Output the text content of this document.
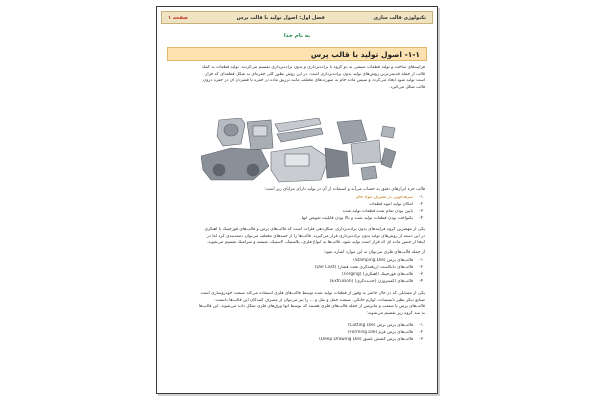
تکنولوژی قالب سازی
فصل اول: اصول تولید با قالب پرس
صفحه ۱
به نام خدا
۱-۱- اصول تولید با قالب پرس
فرایندهای ساخت و تولید قطعات صنعتی به دو گروه با براده‌برداری و بدون براده‌برداری تقسیم می‌گردند. تولید قطعات به کمک
قالب از جمله قدیمی‌ترین روش‌های تولید بدون براده‌برداری است. در این روش بطور کلی حفره‌ای به شکل قطعه‌ای که قرار
است تولید شود ایجاد می‌گردد و سپس ماده خام به صورت‌های مختلف مانند تزریق ماده در حفره یا فشردن آن در حفره درون
قالب شکل می‌گیرد.
قالب جزء ابزارهای دقیق به حساب می‌آید و استفاده از آن در تولید دارای مزایای زیر است:
۱-صرفه‌جویی در مصرف مواد خام
۲-امکان تولید انبوه قطعات
۳-پایین بودن تمام شده قطعات تولید شده
۴-یکنواخت بودن قطعات تولید شده و بالا بودن قابلیت تعویض آنها
یکی از مهمترین گروه فرایندهای بدون براده‌برداری، شکل‌دهی فلزات است که قالب‌های پرس و قالب‌های فورجینگ یا آهنگری
در این دسته از روش‌های تولید بدون براده‌برداری قرار می‌گیرند. قالب‌ها را از جنبه‌های مختلف می‌توان دسته‌بندی کرد اما در
اینجا از جنس ماده ای که قرار است تولید شود، قالب‌ها به انواع فلزی، پلاستیک، لاستیک، شیشه و سرامیک تقسیم می‌شوند.
از جمله قالب‌های فلزی می‌توان به این موارد اشاره نمود:
۱-قالب‌های پرس (Stamping Die)
۲-قالب‌های دایکاست (ریخته‌گری تحت فشار) (Die Cast)
۳-قالب‌های فورجینگ (آهنگری) (Forging)
۴-قالب‌های اکستروژن (حدیده‌گری) (Extrusion)
یکی از مسایلی که در حال حاضر به وفور از قطعات تولید شده توسط قالب‌های فلزی استفاده می‌کند صنعت خودروسازی است.
صنایع دیگر نظیر تأسیسات، لوازم خانگی، صنعت حمل و نقل و ... را نیز می‌توان از مصرف کنندگان این قالب‌ها دانست.
قالب‌های پرس یا ستمپ و ماتریس از جمله قالب‌های فلزی هستند که توسط آنها ورق‌های فلزی شکل داده می‌شوند. این قالب‌ها
به سه گروه زیر تقسیم می‌شوند:
۱-قالب‌های پرس برش (Cutting Die)
۲-قالب‌های پرس فرم (Forming Die)
۳-قالب‌های پرس کشش عمیق (Deep Drawing Die)
